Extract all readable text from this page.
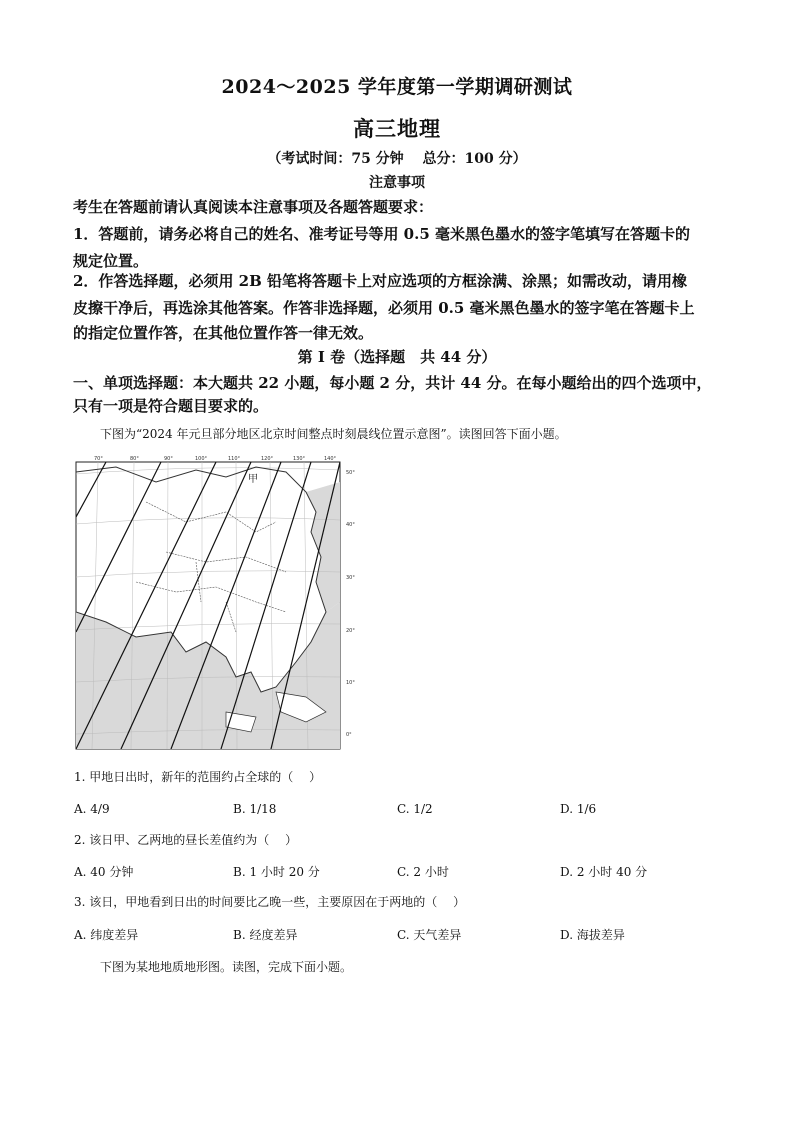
2024～2025 学年度第一学期调研测试
高三地理
（考试时间：75 分钟　 总分：100 分）
注意事项
考生在答题前请认真阅读本注意事项及各题答题要求：
1．答题前，请务必将自己的姓名、准考证号等用 0.5 毫米黑色墨水的签字笔填写在答题卡的
规定位置。
2．作答选择题，必须用 2B 铅笔将答题卡上对应选项的方框涂满、涂黑；如需改动，请用橡
皮擦干净后，再选涂其他答案。作答非选择题，必须用 0.5 毫米黑色墨水的签字笔在答题卡上
的指定位置作答，在其他位置作答一律无效。
第 I 卷（选择题　共 44 分）
一、单项选择题：本大题共 22 小题，每小题 2 分，共计 44 分。在每小题给出的四个选项中，
只有一项是符合题目要求的。
下图为“2024 年元旦部分地区北京时间整点时刻晨线位置示意图”。读图回答下面小题。
70°	80°	90°	100°	110°	120°	130°	140°
50°
40°
30°
20°
10°
0°
甲
1. 甲地日出时，新年的范围约占全球的（　 ）
A. 4/9	B. 1/18	C. 1/2	D. 1/6
2. 该日甲、乙两地的昼长差值约为（　 ）
A. 40 分钟	B. 1 小时 20 分	C. 2 小时	D. 2 小时 40 分
3. 该日，甲地看到日出的时间要比乙晚一些，主要原因在于两地的（　 ）
A. 纬度差异	B. 经度差异	C. 天气差异	D. 海拔差异
下图为某地地质地形图。读图，完成下面小题。
